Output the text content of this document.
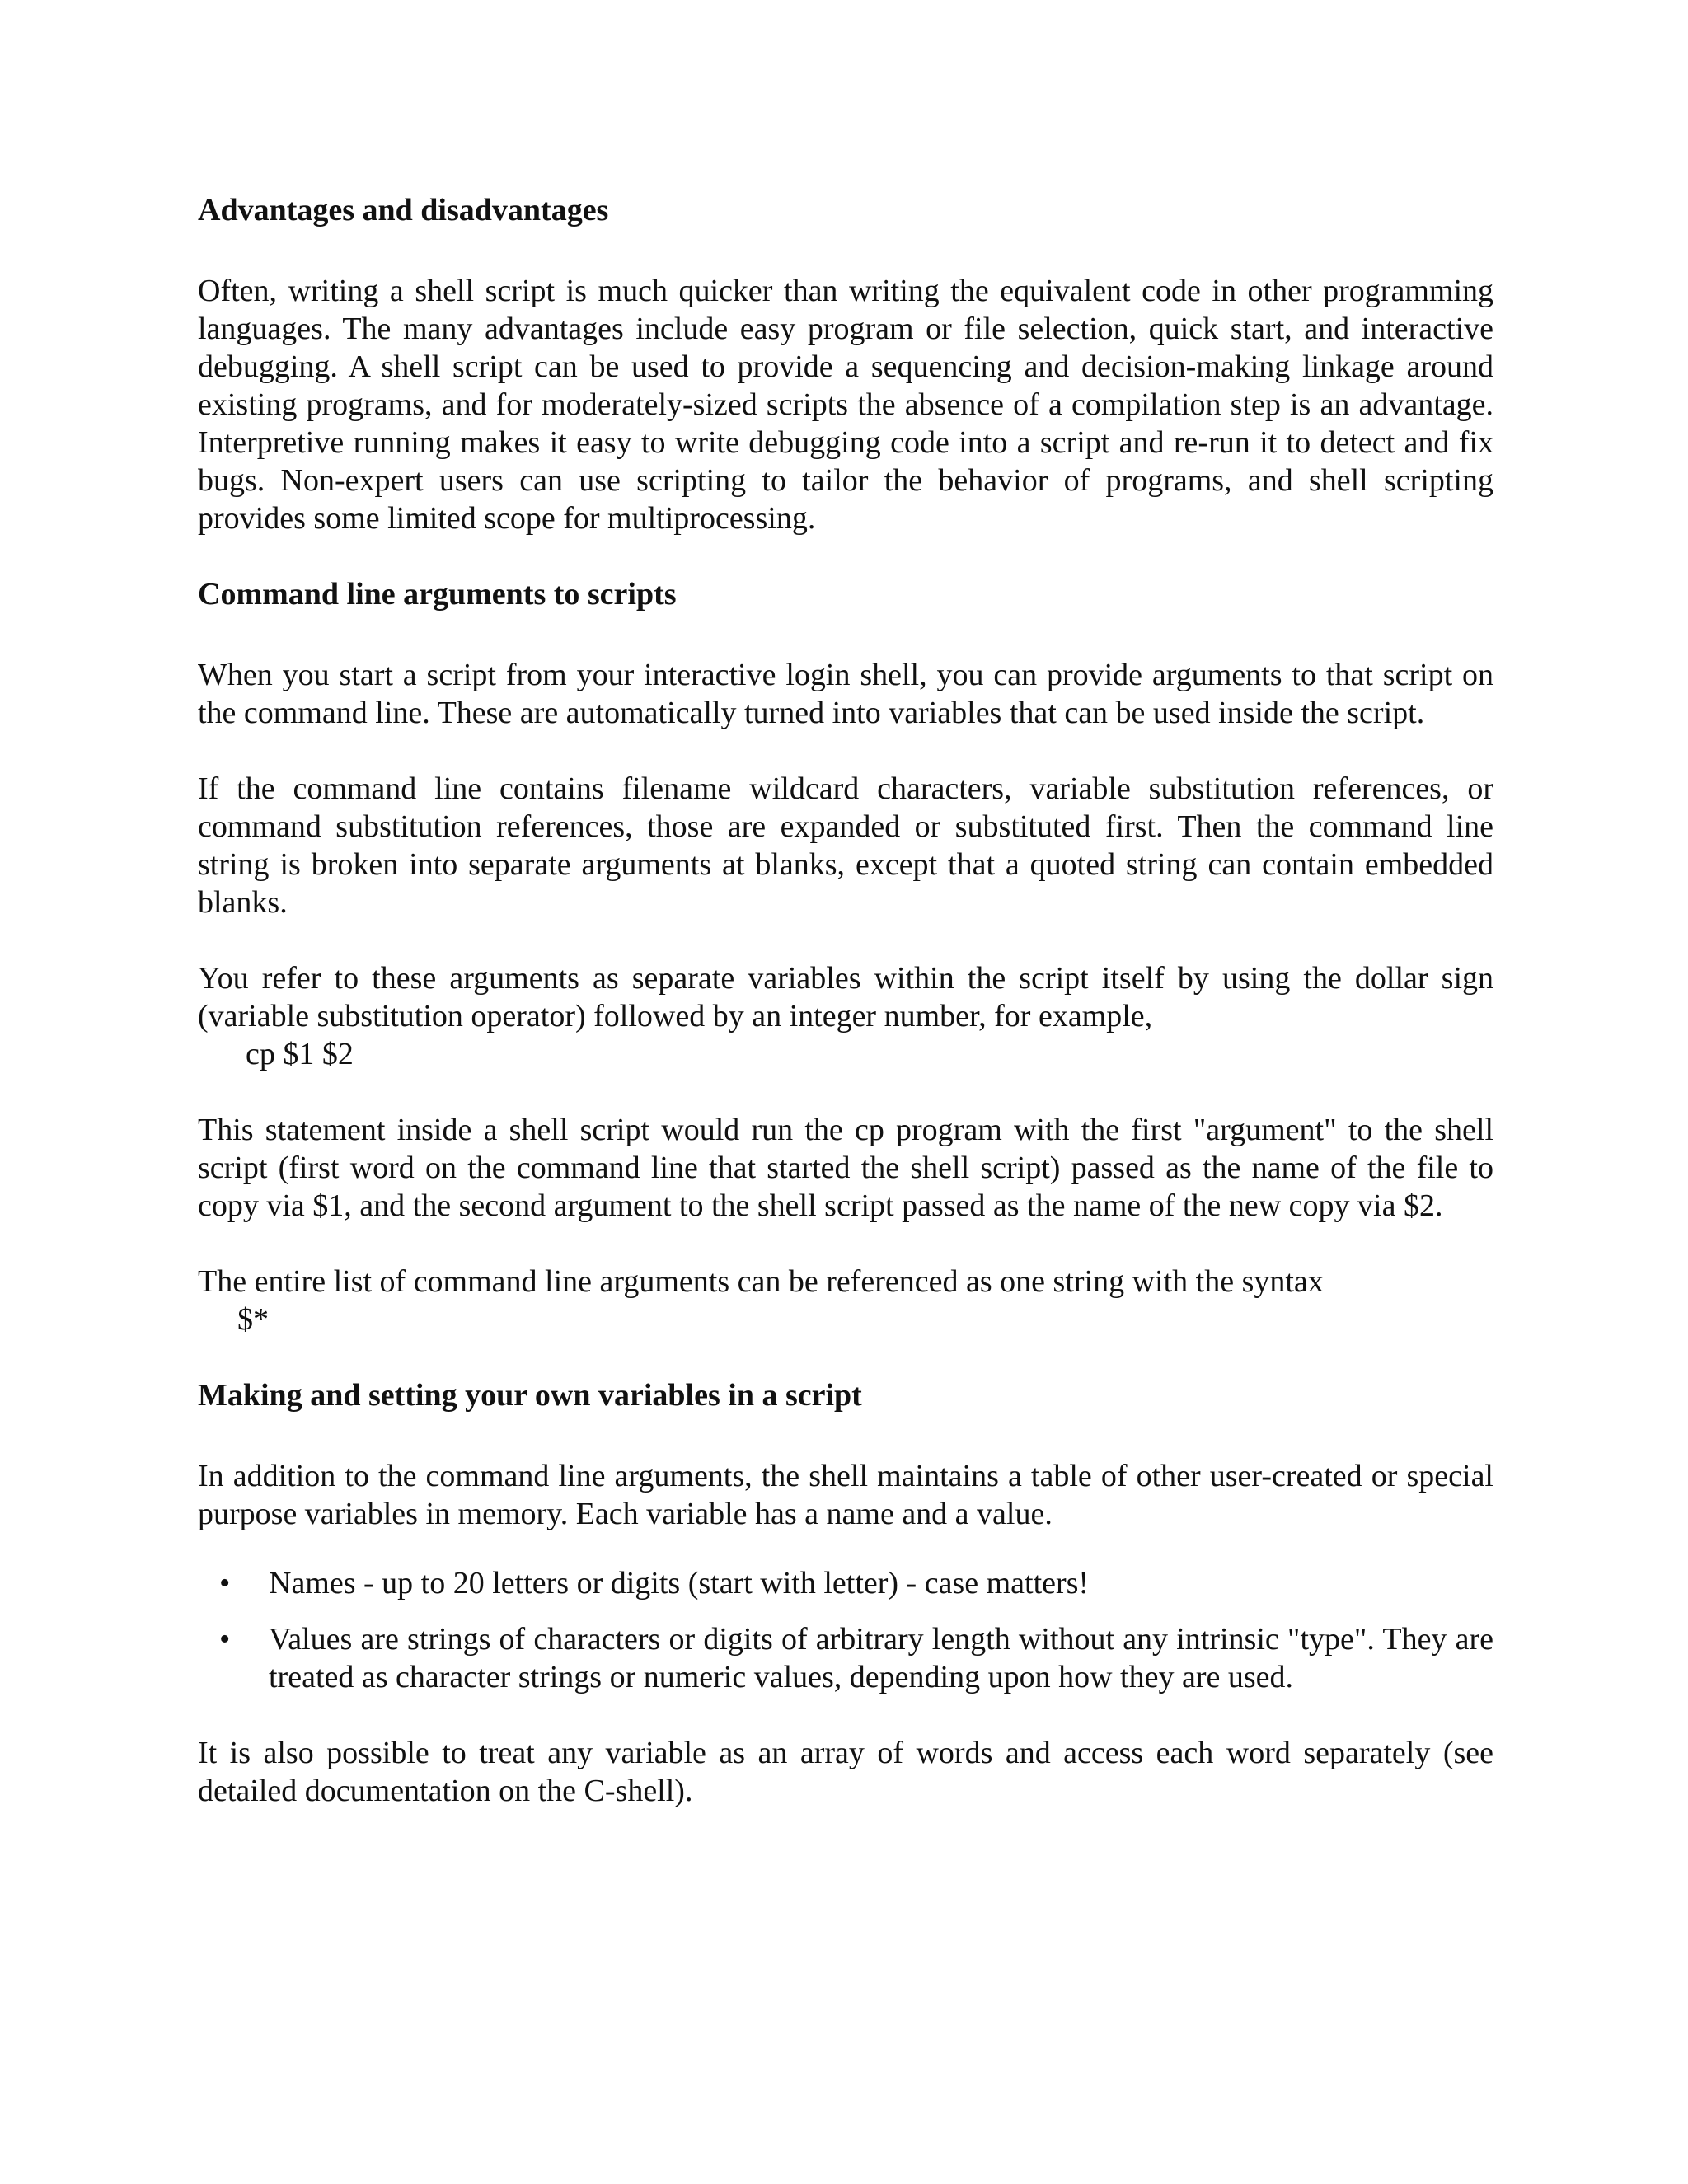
Advantages and disadvantages

Often, writing a shell script is much quicker than writing the equivalent code in other programming languages. The many advantages include easy program or file selection, quick start, and interactive debugging. A shell script can be used to provide a sequencing and decision-making linkage around existing programs, and for moderately-sized scripts the absence of a compilation step is an advantage. Interpretive running makes it easy to write debugging code into a script and re-run it to detect and fix bugs. Non-expert users can use scripting to tailor the behavior of programs, and shell scripting provides some limited scope for multiprocessing.

Command line arguments to scripts

When you start a script from your interactive login shell, you can provide arguments to that script on the command line. These are automatically turned into variables that can be used inside the script.

If the command line contains filename wildcard characters, variable substitution references, or command substitution references, those are expanded or substituted first. Then the command line string is broken into separate arguments at blanks, except that a quoted string can contain embedded blanks.

You refer to these arguments as separate variables within the script itself by using the dollar sign (variable substitution operator) followed by an integer number, for example,
cp $1 $2

This statement inside a shell script would run the cp program with the first "argument" to the shell script (first word on the command line that started the shell script) passed as the name of the file to copy via $1, and the second argument to the shell script passed as the name of the new copy via $2.

The entire list of command line arguments can be referenced as one string with the syntax
$*

Making and setting your own variables in a script

In addition to the command line arguments, the shell maintains a table of other user-created or special purpose variables in memory. Each variable has a name and a value.

• Names - up to 20 letters or digits (start with letter) - case matters!
• Values are strings of characters or digits of arbitrary length without any intrinsic "type". They are treated as character strings or numeric values, depending upon how they are used.

It is also possible to treat any variable as an array of words and access each word separately (see detailed documentation on the C-shell).
